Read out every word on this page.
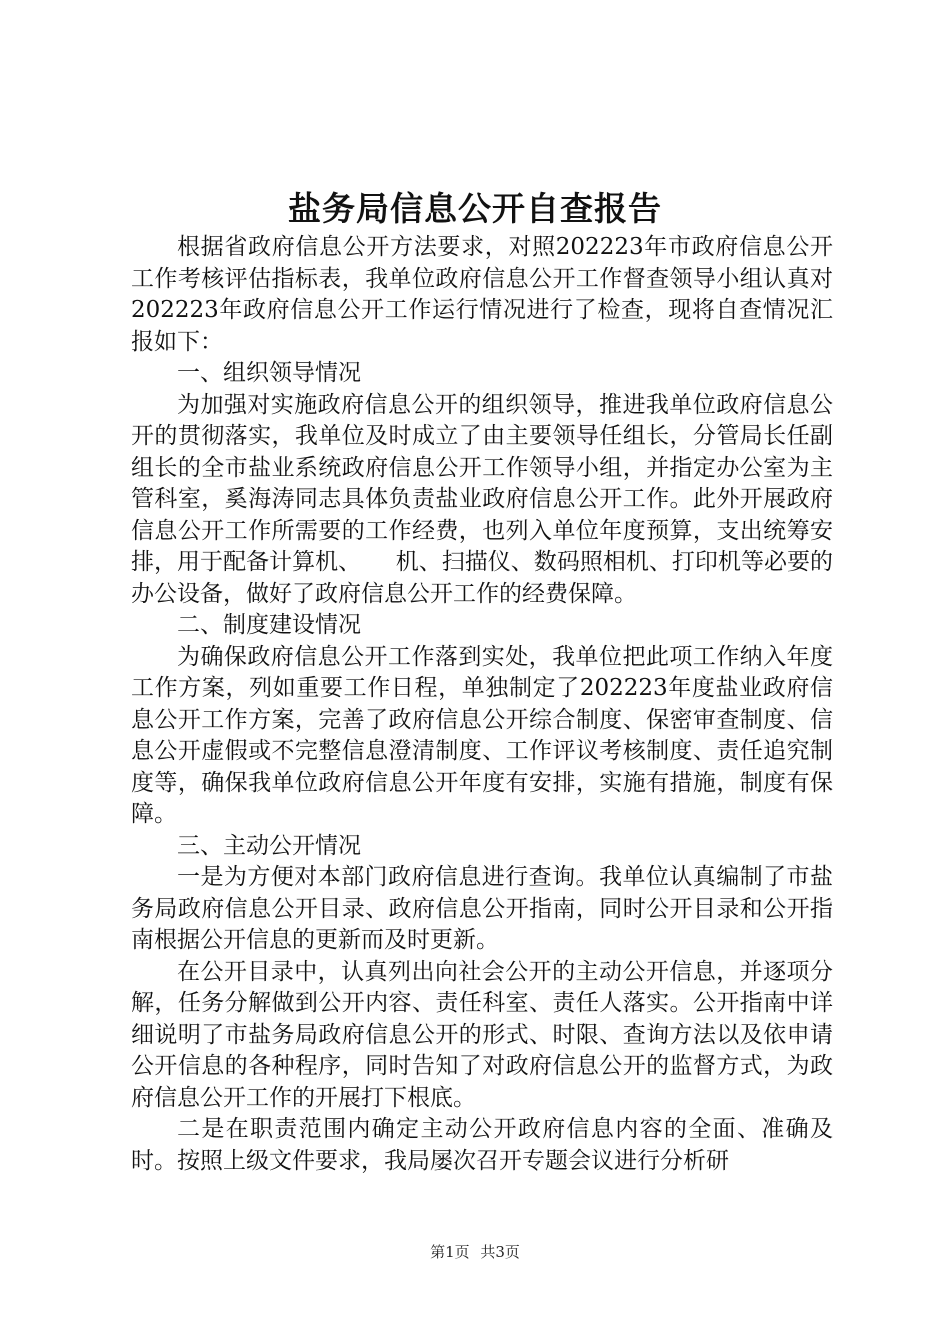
盐务局信息公开自查报告

根据省政府信息公开方法要求，对照202223年市政府信息公开工作考核评估指标表，我单位政府信息公开工作督查领导小组认真对202223年政府信息公开工作运行情况进行了检查，现将自查情况汇报如下：

一、组织领导情况

为加强对实施政府信息公开的组织领导，推进我单位政府信息公开的贯彻落实，我单位及时成立了由主要领导任组长，分管局长任副组长的全市盐业系统政府信息公开工作领导小组，并指定办公室为主管科室，奚海涛同志具体负责盐业政府信息公开工作。此外开展政府信息公开工作所需要的工作经费，也列入单位年度预算，支出统筹安排，用于配备计算机、　　机、扫描仪、数码照相机、打印机等必要的办公设备，做好了政府信息公开工作的经费保障。

二、制度建设情况

为确保政府信息公开工作落到实处，我单位把此项工作纳入年度工作方案，列如重要工作日程，单独制定了202223年度盐业政府信息公开工作方案，完善了政府信息公开综合制度、保密审查制度、信息公开虚假或不完整信息澄清制度、工作评议考核制度、责任追究制度等，确保我单位政府信息公开年度有安排，实施有措施，制度有保障。

三、主动公开情况

一是为方便对本部门政府信息进行查询。我单位认真编制了市盐务局政府信息公开目录、政府信息公开指南，同时公开目录和公开指南根据公开信息的更新而及时更新。

在公开目录中，认真列出向社会公开的主动公开信息，并逐项分解，任务分解做到公开内容、责任科室、责任人落实。公开指南中详细说明了市盐务局政府信息公开的形式、时限、查询方法以及依申请公开信息的各种程序，同时告知了对政府信息公开的监督方式，为政府信息公开工作的开展打下根底。

二是在职责范围内确定主动公开政府信息内容的全面、准确及时。按照上级文件要求，我局屡次召开专题会议进行分析研

第1页 共3页
